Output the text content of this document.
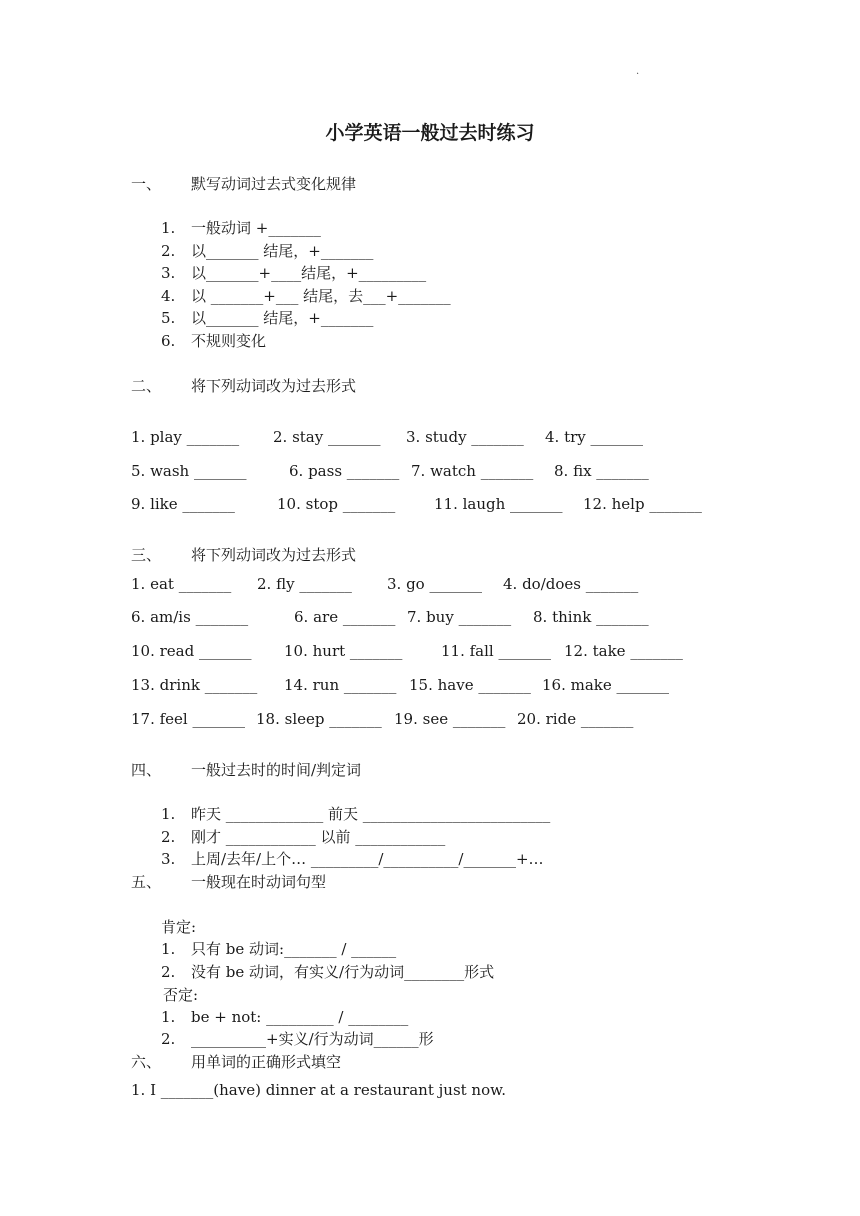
.
小学英语一般过去时练习
一、 默写动词过去式变化规律
1. 一般动词 +_______
2. 以_______ 结尾，+_______
3. 以_______+____结尾，+_________
4. 以 _______+___ 结尾，去___+_______
5. 以_______ 结尾，+_______
6. 不规则变化
二、 将下列动词改为过去形式
1. play _______ 2. stay _______ 3. study _______ 4. try _______
5. wash _______	6. pass _______ 7. watch _______ 8. fix _______
9. like _______	10. stop _______	11. laugh _______ 12. help _______
三、 将下列动词改为过去形式
1. eat _______ 2. fly _______ 3. go _______ 4. do/does _______
6. am/is _______	6. are _______ 7. buy _______ 8. think _______
10. read _______ 10. hurt _______	11. fall _______ 12. take _______
13. drink _______ 14. run _______ 15. have _______ 16. make _______
17. feel _______ 18. sleep _______ 19. see _______ 20. ride _______
四、 一般过去时的时间/判定词
1. 昨天 _____________ 前天 _________________________
2. 刚才 ____________ 以前 ____________
3. 上周/去年/上个… _________/__________/_______+…
五、 一般现在时动词句型
肯定:
1. 只有 be 动词:_______ / ______
2. 没有 be 动词，有实义/行为动词________形式
否定:
1. be + not: _________ / ________
2. __________+实义/行为动词______形
六、 用单词的正确形式填空
1. I _______(have) dinner at a restaurant just now.
